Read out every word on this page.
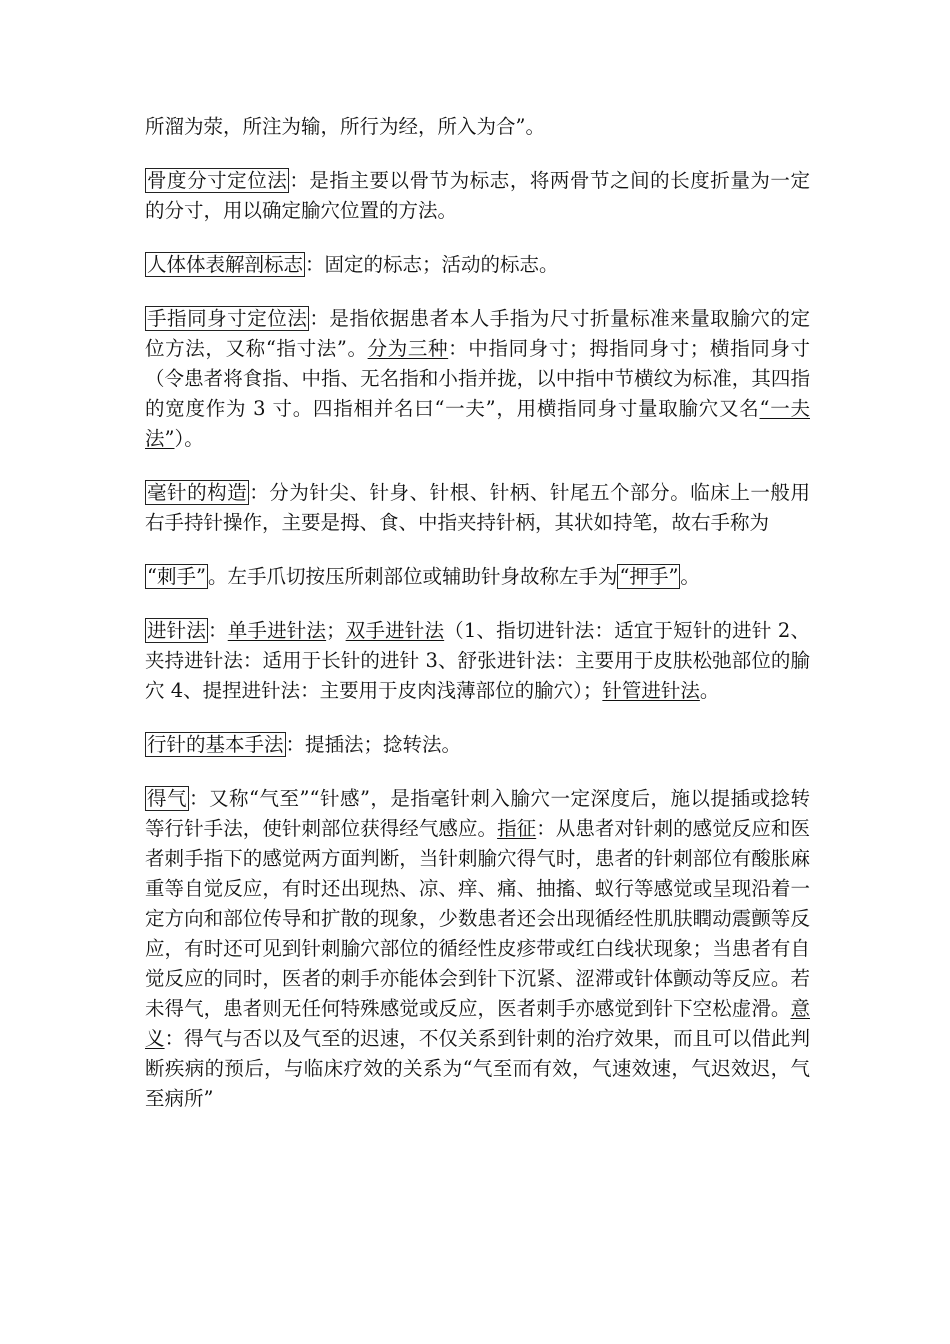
所溜为荥，所注为输，所行为经，所入为合”。

骨度分寸定位法 ：是指主要以骨节为标志，将两骨节之间的长度折量为一定的分寸，用以确定腧穴位置的方法。

人体体表解剖标志 ：固定的标志；活动的标志。

手指同身寸定位法 ：是指依据患者本人手指为尺寸折量标准来量取腧穴的定位方法，又称“指寸法”。分为三种：中指同身寸；拇指同身寸；横指同身寸（令患者将食指、中指、无名指和小指并拢，以中指中节横纹为标准，其四指的宽度作为 3 寸。四指相并名曰“一夫”，用横指同身寸量取腧穴又名“一夫法”）。

毫针的构造 ：分为针尖、针身、针根、针柄、针尾五个部分。临床上一般用右手持针操作，主要是拇、食、中指夹持针柄，其状如持笔，故右手称为

“刺手” 。左手爪切按压所刺部位或辅助针身故称左手为 “押手” 。

进针法 ：单手进针法；双手进针法（1、指切进针法：适宜于短针的进针 2、夹持进针法：适用于长针的进针 3、舒张进针法：主要用于皮肤松弛部位的腧穴 4、提捏进针法：主要用于皮肉浅薄部位的腧穴）；针管进针法。

行针的基本手法 ：提插法；捻转法。

得气 ：又称“气至”“针感”，是指毫针刺入腧穴一定深度后，施以提插或捻转等行针手法，使针刺部位获得经气感应。指征：从患者对针刺的感觉反应和医者刺手指下的感觉两方面判断，当针刺腧穴得气时，患者的针刺部位有酸胀麻重等自觉反应，有时还出现热、凉、痒、痛、抽搐、蚁行等感觉或呈现沿着一定方向和部位传导和扩散的现象，少数患者还会出现循经性肌肤瞤动震颤等反应，有时还可见到针刺腧穴部位的循经性皮疹带或红白线状现象；当患者有自觉反应的同时，医者的刺手亦能体会到针下沉紧、涩滞或针体颤动等反应。若未得气，患者则无任何特殊感觉或反应，医者刺手亦感觉到针下空松虚滑。意义：得气与否以及气至的迟速，不仅关系到针刺的治疗效果，而且可以借此判断疾病的预后，与临床疗效的关系为“气至而有效，气速效速，气迟效迟，气至病所”
